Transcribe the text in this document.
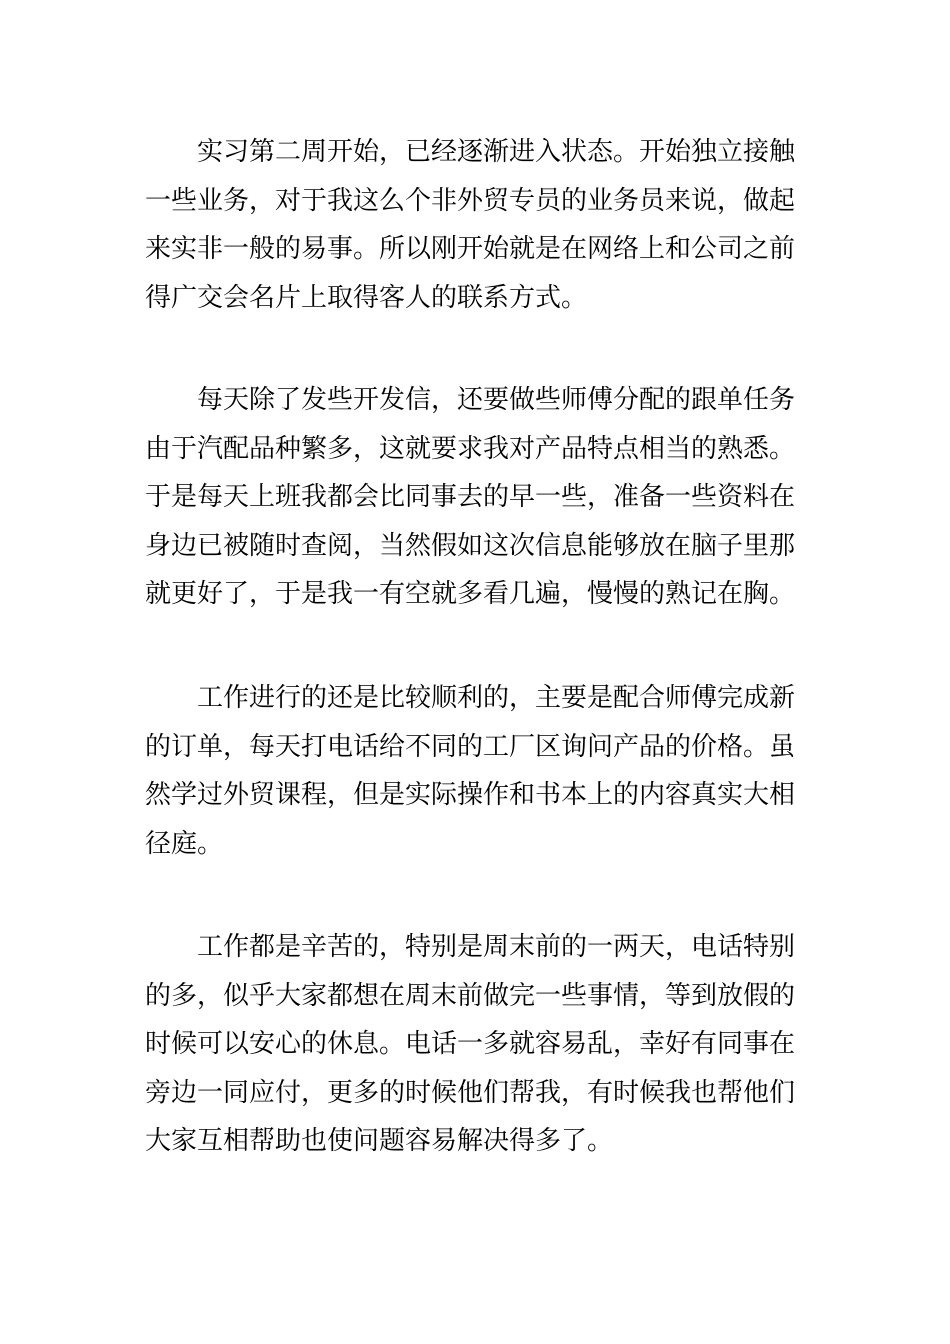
实习第二周开始，已经逐渐进入状态。开始独立接触
一些业务，对于我这么个非外贸专员的业务员来说，做起
来实非一般的易事。所以刚开始就是在网络上和公司之前
得广交会名片上取得客人的联系方式。
每天除了发些开发信，还要做些师傅分配的跟单任务
由于汽配品种繁多，这就要求我对产品特点相当的熟悉。
于是每天上班我都会比同事去的早一些，准备一些资料在
身边已被随时查阅，当然假如这次信息能够放在脑子里那
就更好了，于是我一有空就多看几遍，慢慢的熟记在胸。
工作进行的还是比较顺利的，主要是配合师傅完成新
的订单，每天打电话给不同的工厂区询问产品的价格。虽
然学过外贸课程，但是实际操作和书本上的内容真实大相
径庭。
工作都是辛苦的，特别是周末前的一两天，电话特别
的多，似乎大家都想在周末前做完一些事情，等到放假的
时候可以安心的休息。电话一多就容易乱，幸好有同事在
旁边一同应付，更多的时候他们帮我，有时候我也帮他们
大家互相帮助也使问题容易解决得多了。
